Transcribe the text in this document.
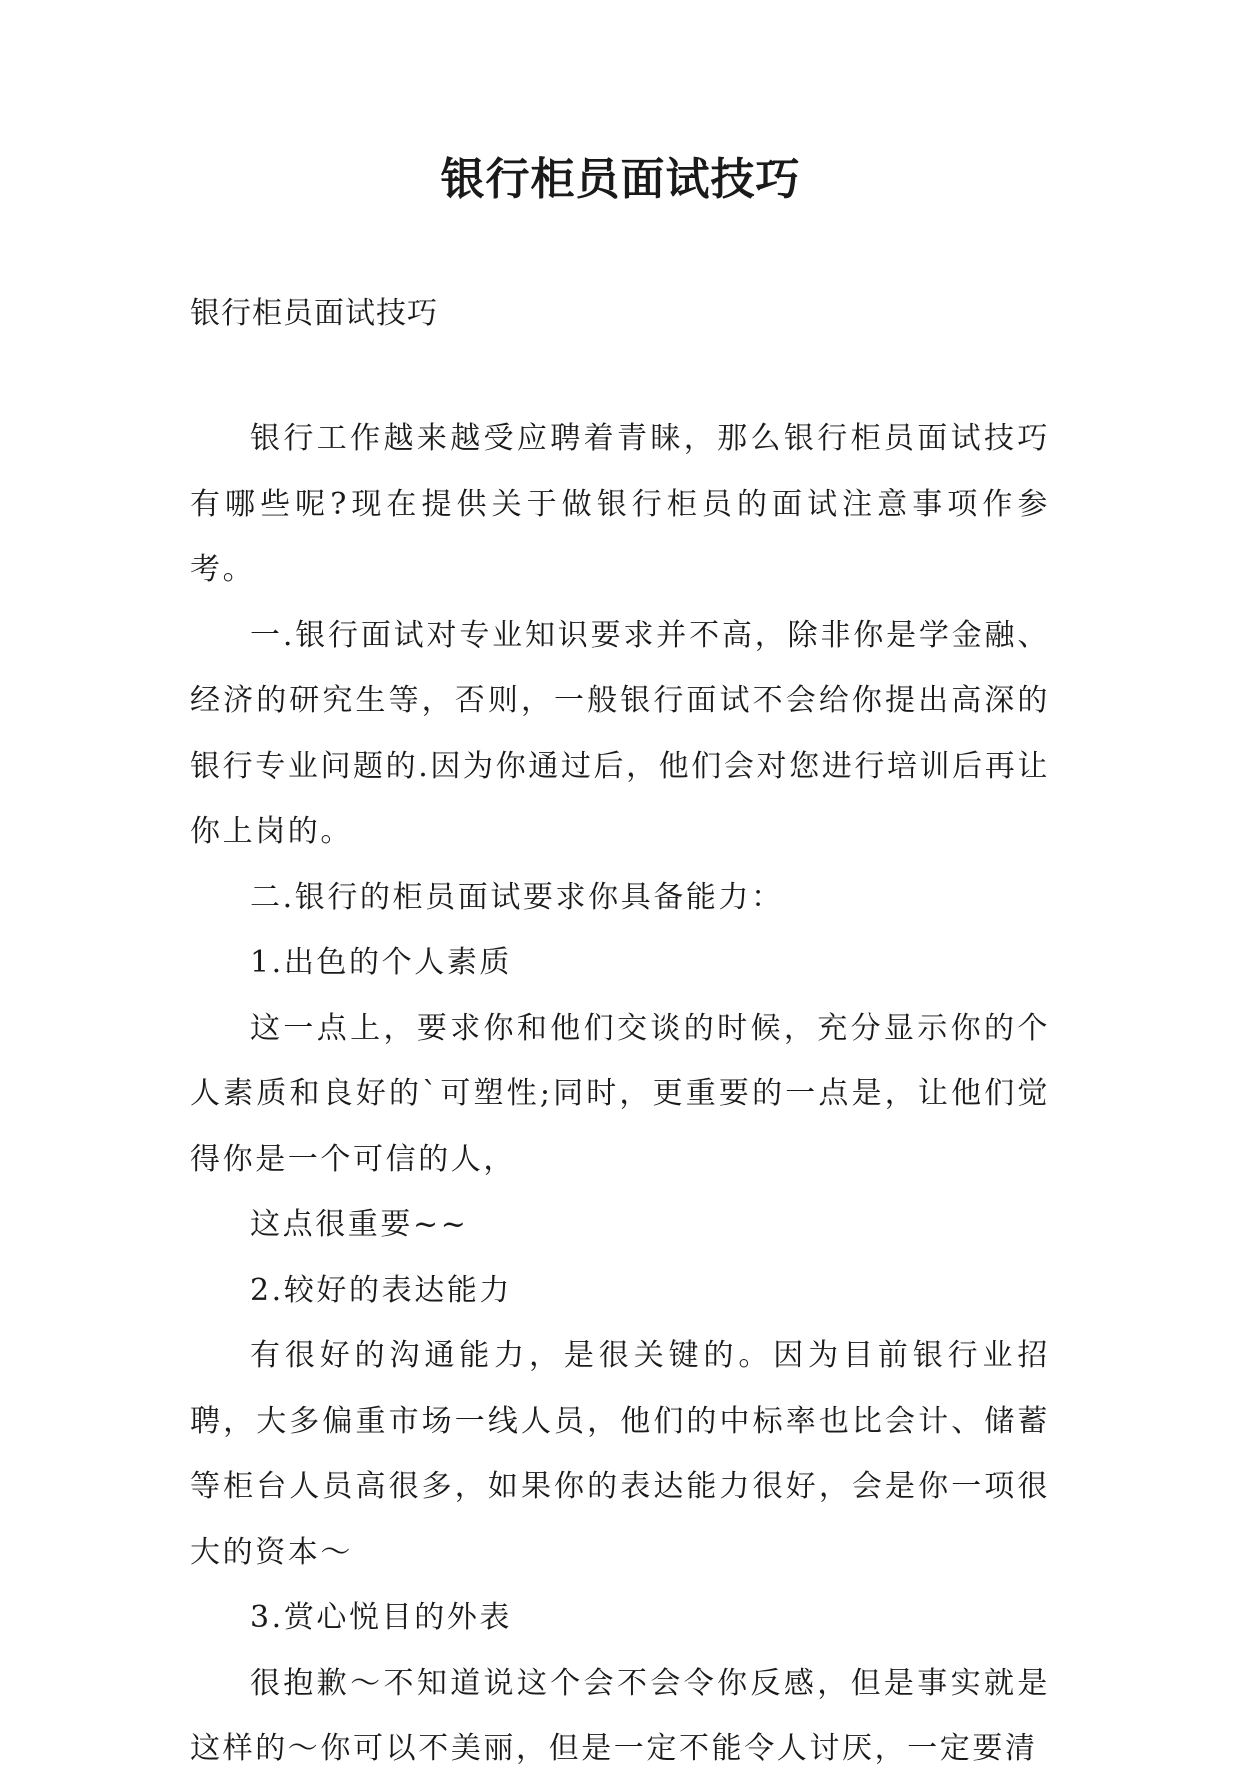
银行柜员面试技巧

银行柜员面试技巧

银行工作越来越受应聘着青睐，那么银行柜员面试技巧有哪些呢?现在提供关于做银行柜员的面试注意事项作参考。

一.银行面试对专业知识要求并不高，除非你是学金融、经济的研究生等，否则，一般银行面试不会给你提出高深的银行专业问题的.因为你通过后，他们会对您进行培训后再让你上岗的。

二.银行的柜员面试要求你具备能力：

1.出色的个人素质

这一点上，要求你和他们交谈的时候，充分显示你的个人素质和良好的`可塑性;同时，更重要的一点是，让他们觉得你是一个可信的人，

这点很重要~~

2.较好的表达能力

有很好的沟通能力，是很关键的。因为目前银行业招聘，大多偏重市场一线人员，他们的中标率也比会计、储蓄等柜台人员高很多，如果你的表达能力很好，会是你一项很大的资本～

3.赏心悦目的外表

很抱歉～不知道说这个会不会令你反感，但是事实就是这样的～你可以不美丽，但是一定不能令人讨厌，一定要清
